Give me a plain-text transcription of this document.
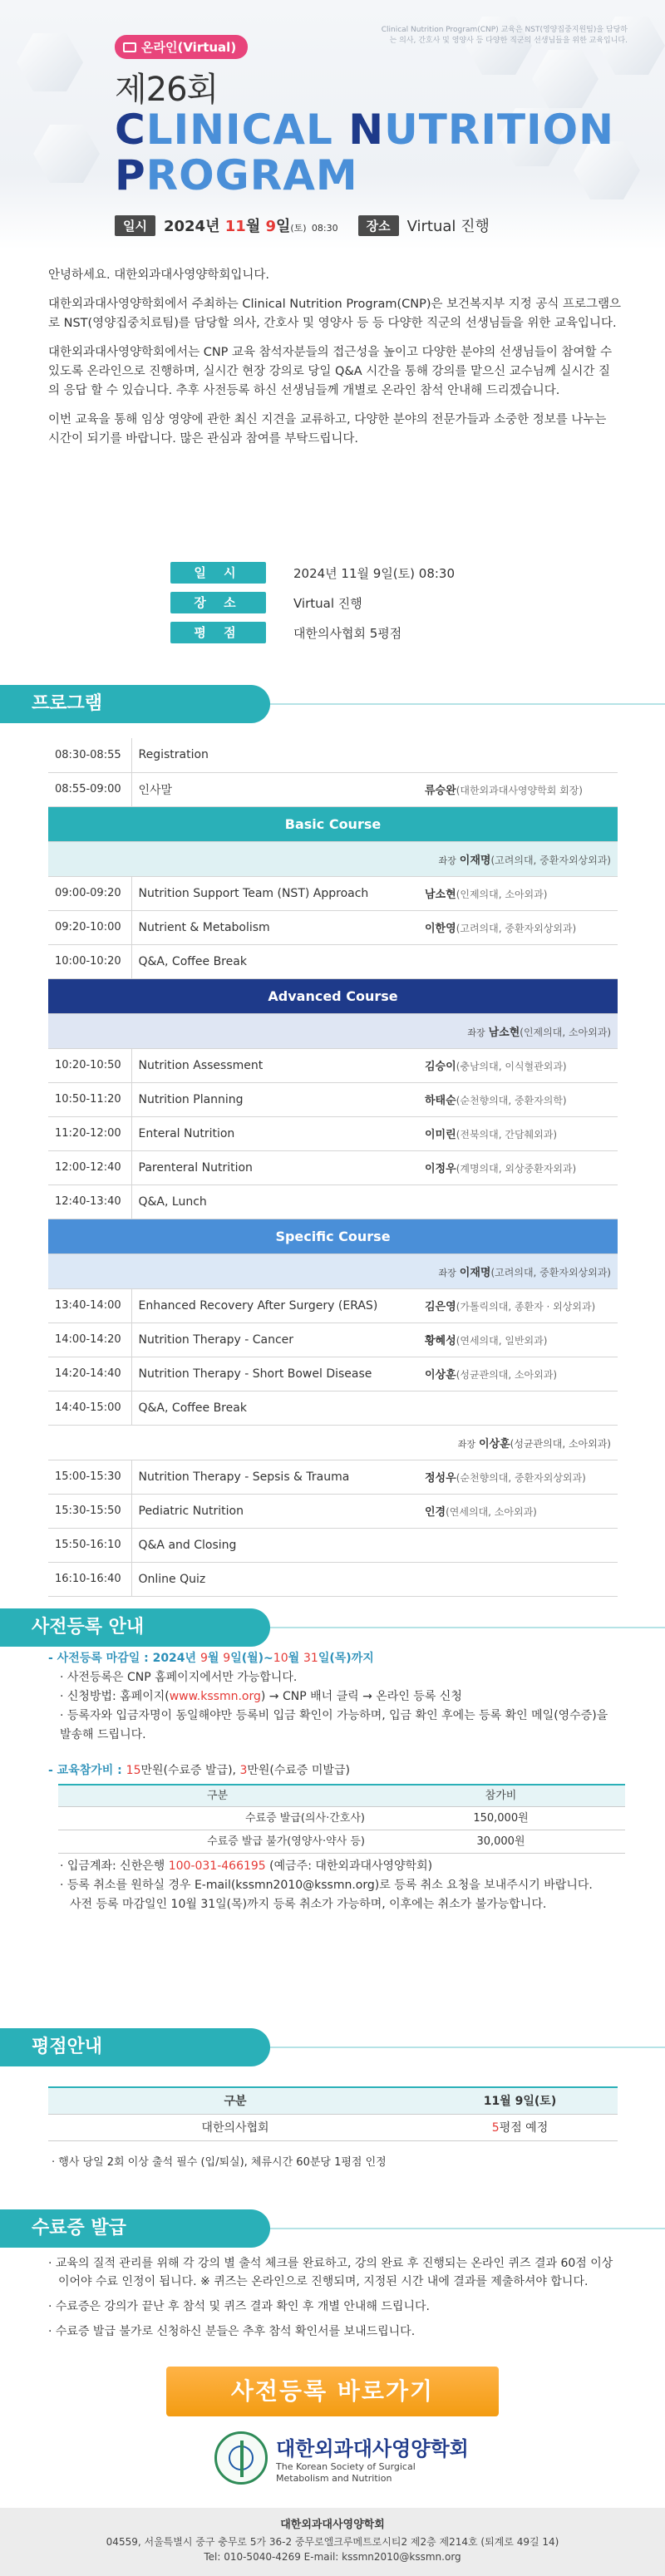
온라인(Virtual)
Clinical Nutrition Program(CNP) 교육은 NST(영양집중지원팀)을 담당하는 의사, 간호사 및 영양사 등 다양한 직군의 선생님들을 위한 교육입니다.
제26회
CLINICAL NUTRITION
PROGRAM
일시	2024년 11월 9일(토) 08:30	장소	Virtual 진행

안녕하세요. 대한외과대사영양학회입니다.

대한외과대사영양학회에서 주최하는 Clinical Nutrition Program(CNP)은 보건복지부 지정 공식 프로그램으로 NST(영양집중치료팀)를 담당할 의사, 간호사 및 영양사 등 등 다양한 직군의 선생님들을 위한 교육입니다.

대한외과대사영양학회에서는 CNP 교육 참석자분들의 접근성을 높이고 다양한 분야의 선생님들이 참여할 수 있도록 온라인으로 진행하며, 실시간 현장 강의로 당일 Q&A 시간을 통해 강의를 맡으신 교수님께 실시간 질의 응답 할 수 있습니다. 추후 사전등록 하신 선생님들께 개별로 온라인 참석 안내해 드리겠습니다.

이번 교육을 통해 임상 영양에 관한 최신 지견을 교류하고, 다양한 분야의 전문가들과 소중한 정보를 나누는 시간이 되기를 바랍니다. 많은 관심과 참여를 부탁드립니다.

일 시	2024년 11월 9일(토) 08:30
장 소	Virtual 진행
평 점	대한의사협회 5평점
프로그램
08:30-08:55	Registration	
08:55-09:00	인사말	류승완(대한외과대사영양학회 회장)
Basic Course		
좌장 이재명(고려의대, 중환자외상외과)		
09:00-09:20	Nutrition Support Team (NST) Approach	남소현(인제의대, 소아외과)
09:20-10:00	Nutrient & Metabolism	이한영(고려의대, 중환자외상외과)
10:00-10:20	Q&A, Coffee Break	
Advanced Course		
좌장 남소현(인제의대, 소아외과)		
10:20-10:50	Nutrition Assessment	김승이(충남의대, 이식혈관외과)
10:50-11:20	Nutrition Planning	하태순(순천향의대, 중환자의학)
11:20-12:00	Enteral Nutrition	이미린(전북의대, 간담췌외과)
12:00-12:40	Parenteral Nutrition	이정우(계명의대, 외상중환자외과)
12:40-13:40	Q&A, Lunch	
Specific Course		
좌장 이재명(고려의대, 중환자외상외과)		
13:40-14:00	Enhanced Recovery After Surgery (ERAS)	김은영(가톨릭의대, 종환자 · 외상외과)
14:00-14:20	Nutrition Therapy - Cancer	황혜성(연세의대, 일반외과)
14:20-14:40	Nutrition Therapy - Short Bowel Disease	이상훈(성균관의대, 소아외과)
14:40-15:00	Q&A, Coffee Break	
좌장 이상훈(성균관의대, 소아외과)		
15:00-15:30	Nutrition Therapy - Sepsis & Trauma	정성우(순천향의대, 중환자외상외과)
15:30-15:50	Pediatric Nutrition	인경(연세의대, 소아외과)
15:50-16:10	Q&A and Closing	
16:10-16:40	Online Quiz	
사전등록 안내
- 사전등록 마감일 : 2024년 9월 9일(월)~10월 31일(목)까지
· 사전등록은 CNP 홈페이지에서만 가능합니다.
· 신청방법: 홈페이지(www.kssmn.org) → CNP 배너 클릭 → 온라인 등록 신청
· 등록자와 입금자명이 동일해야만 등록비 입금 확인이 가능하며, 입금 확인 후에는 등록 확인 메일(영수증)을 발송해 드립니다.
- 교육참가비 : 15만원(수료증 발급), 3만원(수료증 미발급)
구분	참가비
수료증 발급(의사·간호사)	150,000원
수료증 발급 불가(영양사·약사 등)	30,000원
· 입금계좌: 신한은행 100-031-466195 (예금주: 대한외과대사영양학회)
· 등록 취소를 원하실 경우 E-mail(kssmn2010@kssmn.org)로 등록 취소 요청을 보내주시기 바랍니다.
사전 등록 마감일인 10월 31일(목)까지 등록 취소가 가능하며, 이후에는 취소가 불가능합니다.
평점안내
구분	11월 9일(토)
대한의사협회	5평점 예정
· 행사 당일 2회 이상 출석 필수 (입/퇴실), 체류시간 60분당 1평점 인정
수료증 발급

· 교육의 질적 관리를 위해 각 강의 별 출석 체크를 완료하고, 강의 완료 후 진행되는 온라인 퀴즈 결과 60점 이상이어야 수료 인정이 됩니다. ※ 퀴즈는 온라인으로 진행되며, 지정된 시간 내에 결과를 제출하셔야 합니다.

· 수료증은 강의가 끝난 후 참석 및 퀴즈 결과 확인 후 개별 안내해 드립니다.

· 수료증 발급 불가로 신청하신 분들은 추후 참석 확인서를 보내드립니다.

사전등록 바로가기
대한외과대사영양학회
The Korean Society of Surgical
Metabolism and Nutrition
대한외과대사영양학회
04559, 서울특별시 중구 충무로 5가 36-2 중무로엘크루메트로시티2 제2층 제214호 (퇴계로 49길 14)
Tel: 010-5040-4269 E-mail: kssmn2010@kssmn.org
